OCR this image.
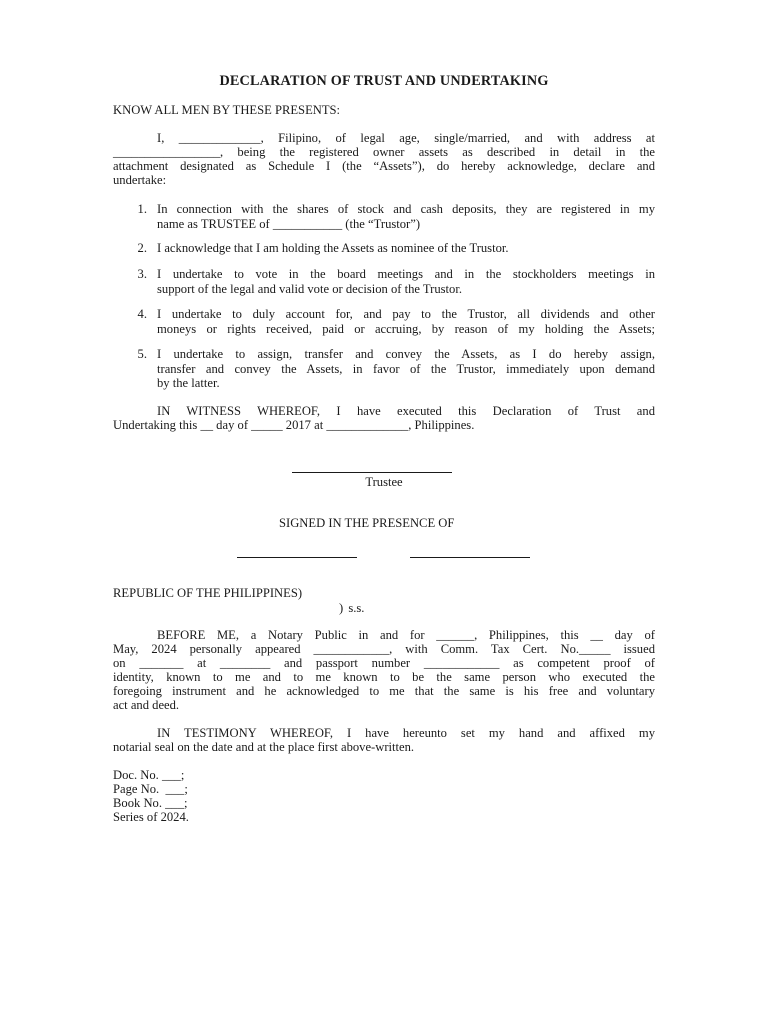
DECLARATION OF TRUST AND UNDERTAKING
KNOW ALL MEN BY THESE PRESENTS:
I, _____________, Filipino, of legal age, single/married, and with address at
_________________, being the registered owner assets as described in detail in the
attachment designated as Schedule I (the “Assets”), do hereby acknowledge, declare and
undertake:
1. In connection with the shares of stock and cash deposits, they are registered in my
name as TRUSTEE of ___________ (the “Trustor”)
2. I acknowledge that I am holding the Assets as nominee of the Trustor.
3. I undertake to vote in the board meetings and in the stockholders meetings in
support of the legal and valid vote or decision of the Trustor.
4. I undertake to duly account for, and pay to the Trustor, all dividends and other
moneys or rights received, paid or accruing, by reason of my holding the Assets;
5. I undertake to assign, transfer and convey the Assets, as I do hereby assign,
transfer and convey the Assets, in favor of the Trustor, immediately upon demand
by the latter.
IN WITNESS WHEREOF, I have executed this Declaration of Trust and
Undertaking this __ day of _____ 2017 at _____________, Philippines.
Trustee
SIGNED IN THE PRESENCE OF
REPUBLIC OF THE PHILIPPINES)
) s.s.
BEFORE ME, a Notary Public in and for ______, Philippines, this __ day of
May, 2024 personally appeared ____________, with Comm. Tax Cert. No._____ issued
on _______ at ________ and passport number ____________ as competent proof of
identity, known to me and to me known to be the same person who executed the
foregoing instrument and he acknowledged to me that the same is his free and voluntary
act and deed.
IN TESTIMONY WHEREOF, I have hereunto set my hand and affixed my
notarial seal on the date and at the place first above-written.
Doc. No. ___;
Page No.  ___;
Book No. ___;
Series of 2024.
